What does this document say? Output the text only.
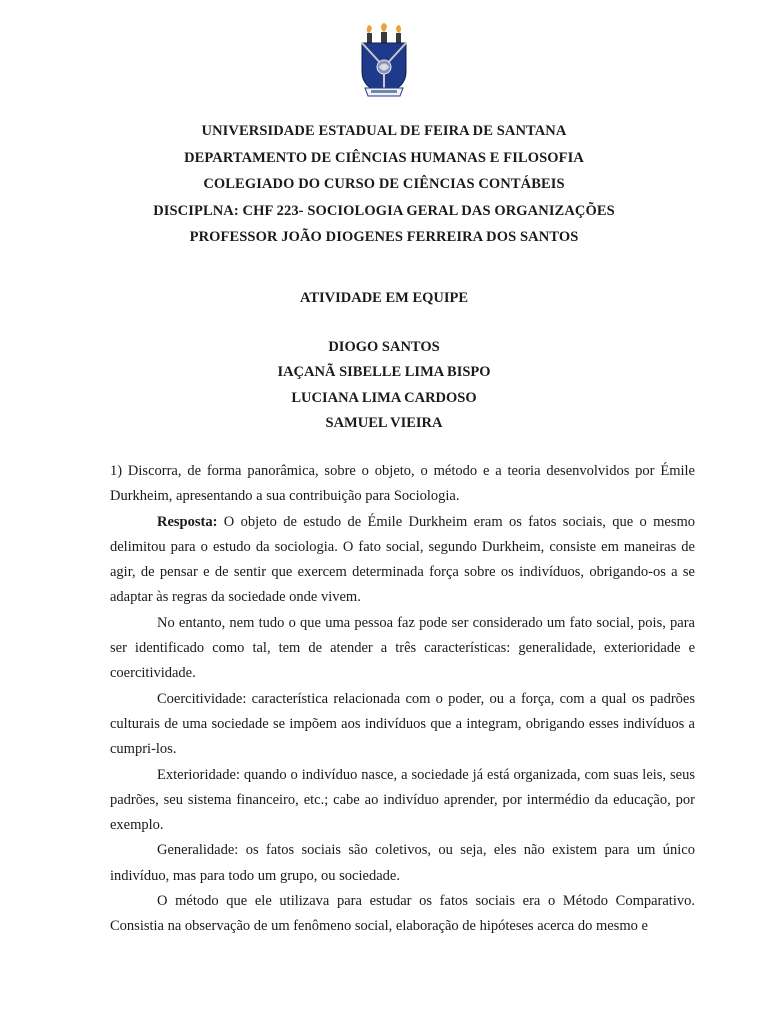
UNIVERSIDADE ESTADUAL DE FEIRA DE SANTANA
DEPARTAMENTO DE CIÊNCIAS HUMANAS E FILOSOFIA
COLEGIADO DO CURSO DE CIÊNCIAS CONTÁBEIS
DISCIPLNA: CHF 223- SOCIOLOGIA GERAL DAS ORGANIZAÇÕES
PROFESSOR JOÃO DIOGENES FERREIRA DOS SANTOS
ATIVIDADE EM EQUIPE
DIOGO SANTOS
IAÇANÃ SIBELLE LIMA BISPO
LUCIANA LIMA CARDOSO
SAMUEL VIEIRA

1) Discorra, de forma panorâmica, sobre o objeto, o método e a teoria desenvolvidos por Émile Durkheim, apresentando a sua contribuição para Sociologia.

Resposta: O objeto de estudo de Émile Durkheim eram os fatos sociais, que o mesmo delimitou para o estudo da sociologia. O fato social, segundo Durkheim, consiste em maneiras de agir, de pensar e de sentir que exercem determinada força sobre os indivíduos, obrigando-os a se adaptar às regras da sociedade onde vivem.

No entanto, nem tudo o que uma pessoa faz pode ser considerado um fato social, pois, para ser identificado como tal, tem de atender a três características: generalidade, exterioridade e coercitividade.

Coercitividade: característica relacionada com o poder, ou a força, com a qual os padrões culturais de uma sociedade se impõem aos indivíduos que a integram, obrigando esses indivíduos a cumpri-los.

Exterioridade: quando o indivíduo nasce, a sociedade já está organizada, com suas leis, seus padrões, seu sistema financeiro, etc.; cabe ao indivíduo aprender, por intermédio da educação, por exemplo.

Generalidade: os fatos sociais são coletivos, ou seja, eles não existem para um único indivíduo, mas para todo um grupo, ou sociedade.

O método que ele utilizava para estudar os fatos sociais era o Método Comparativo. Consistia na observação de um fenômeno social, elaboração de hipóteses acerca do mesmo e
